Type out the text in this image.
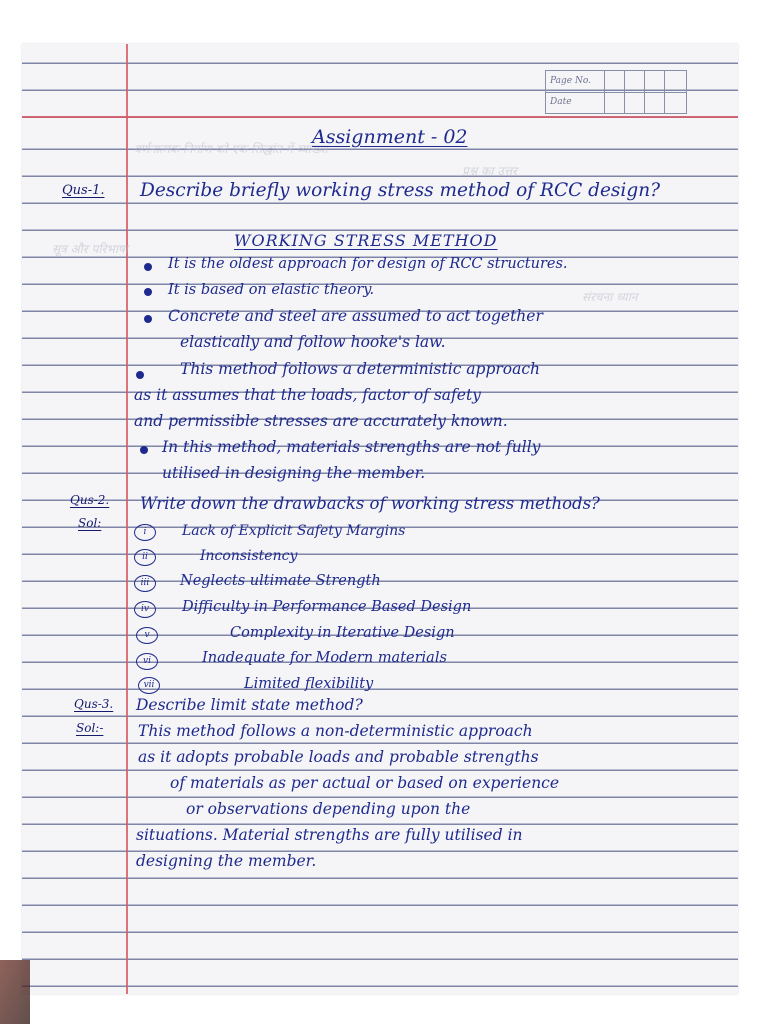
Page No.
Date
वर्णनात्मक निर्माण को एक सिद्धांत में व्याख्या
प्रश्न का उत्तर
सूत्र और परिभाषा
संरचना ध्यान
Assignment - 02
Qus-1. Describe briefly working stress method of RCC design?
WORKING STRESS METHOD
It is the oldest approach for design of RCC structures.
It is based on elastic theory.
Concrete and steel are assumed to act together
elastically and follow hooke's law.
This method follows a deterministic approach
as it assumes that the loads, factor of safety
and permissible stresses are accurately known.
In this method, materials strengths are not fully
utilised in designing the member.
Qus-2.
Sol:
Write down the drawbacks of working stress methods?
i	Lack of Explicit Safety Margins
ii	Inconsistency
iii	Neglects ultimate Strength
iv	Difficulty in Performance Based Design
v	Complexity in Iterative Design
vi	Inadequate for Modern materials
vii	Limited flexibility
Qus-3.
Sol:-
Describe limit state method?
This method follows a non-deterministic approach
as it adopts probable loads and probable strengths
of materials as per actual or based on experience
or observations depending upon the
situations. Material strengths are fully utilised in
designing the member.
